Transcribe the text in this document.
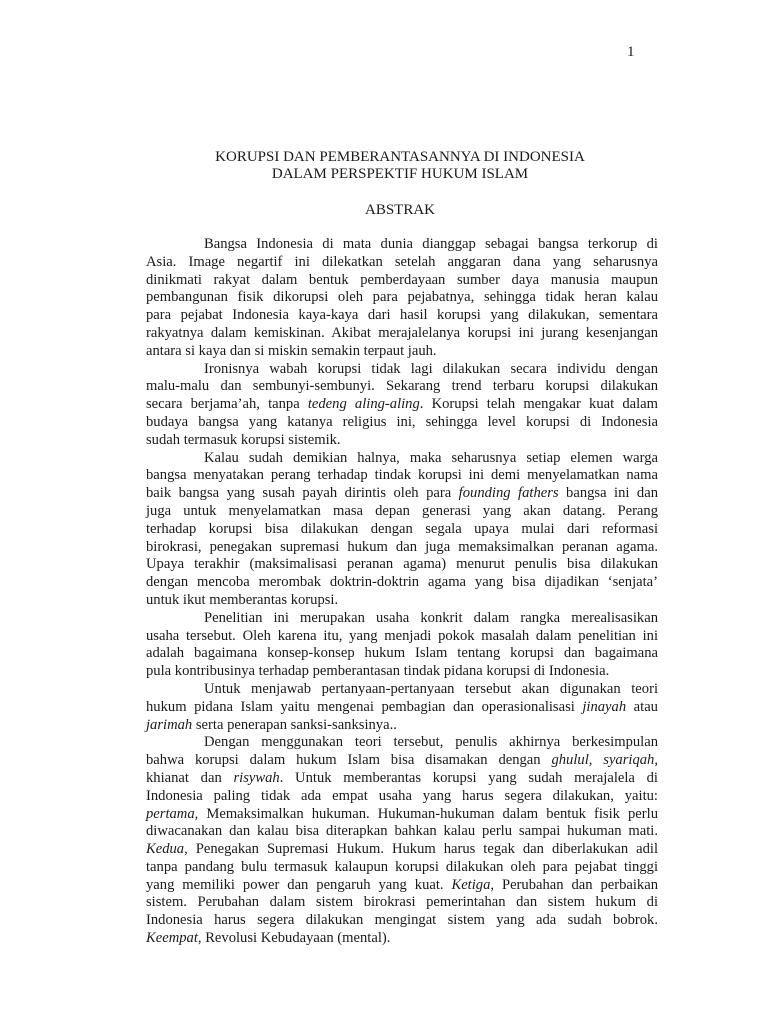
1
KORUPSI DAN PEMBERANTASANNYA DI INDONESIA
DALAM PERSPEKTIF HUKUM ISLAM
ABSTRAK
Bangsa Indonesia di mata dunia dianggap sebagai bangsa terkorup di
Asia. Image negartif ini dilekatkan setelah anggaran dana yang seharusnya
dinikmati rakyat dalam bentuk pemberdayaan sumber daya manusia maupun
pembangunan fisik dikorupsi oleh para pejabatnya, sehingga tidak heran kalau
para pejabat Indonesia kaya-kaya dari hasil korupsi yang dilakukan, sementara
rakyatnya dalam kemiskinan. Akibat merajalelanya korupsi ini jurang kesenjangan
antara si kaya dan si miskin semakin terpaut jauh.
Ironisnya wabah korupsi tidak lagi dilakukan secara individu dengan
malu-malu dan sembunyi-sembunyi. Sekarang trend terbaru korupsi dilakukan
secara berjama’ah, tanpa tedeng aling-aling. Korupsi telah mengakar kuat dalam
budaya bangsa yang katanya religius ini, sehingga level korupsi di Indonesia
sudah termasuk korupsi sistemik.
Kalau sudah demikian halnya, maka seharusnya setiap elemen warga
bangsa menyatakan perang terhadap tindak korupsi ini demi menyelamatkan nama
baik bangsa yang susah payah dirintis oleh para founding fathers bangsa ini dan
juga untuk menyelamatkan masa depan generasi yang akan datang. Perang
terhadap korupsi bisa dilakukan dengan segala upaya mulai dari reformasi
birokrasi, penegakan supremasi hukum dan juga memaksimalkan peranan agama.
Upaya terakhir (maksimalisasi peranan agama) menurut penulis bisa dilakukan
dengan mencoba merombak doktrin-doktrin agama yang bisa dijadikan ‘senjata’
untuk ikut memberantas korupsi.
Penelitian ini merupakan usaha konkrit dalam rangka merealisasikan
usaha tersebut. Oleh karena itu, yang menjadi pokok masalah dalam penelitian ini
adalah bagaimana konsep-konsep hukum Islam tentang korupsi dan bagaimana
pula kontribusinya terhadap pemberantasan tindak pidana korupsi di Indonesia.
Untuk menjawab pertanyaan-pertanyaan tersebut akan digunakan teori
hukum pidana Islam yaitu mengenai pembagian dan operasionalisasi jinayah atau
jarimah serta penerapan sanksi-sanksinya..
Dengan menggunakan teori tersebut, penulis akhirnya berkesimpulan
bahwa korupsi dalam hukum Islam bisa disamakan dengan ghulul, syariqah,
khianat dan risywah. Untuk memberantas korupsi yang sudah merajalela di
Indonesia paling tidak ada empat usaha yang harus segera dilakukan, yaitu:
pertama, Memaksimalkan hukuman. Hukuman-hukuman dalam bentuk fisik perlu
diwacanakan dan kalau bisa diterapkan bahkan kalau perlu sampai hukuman mati.
Kedua, Penegakan Supremasi Hukum. Hukum harus tegak dan diberlakukan adil
tanpa pandang bulu termasuk kalaupun korupsi dilakukan oleh para pejabat tinggi
yang memiliki power dan pengaruh yang kuat. Ketiga, Perubahan dan perbaikan
sistem. Perubahan dalam sistem birokrasi pemerintahan dan sistem hukum di
Indonesia harus segera dilakukan mengingat sistem yang ada sudah bobrok.
Keempat, Revolusi Kebudayaan (mental).
